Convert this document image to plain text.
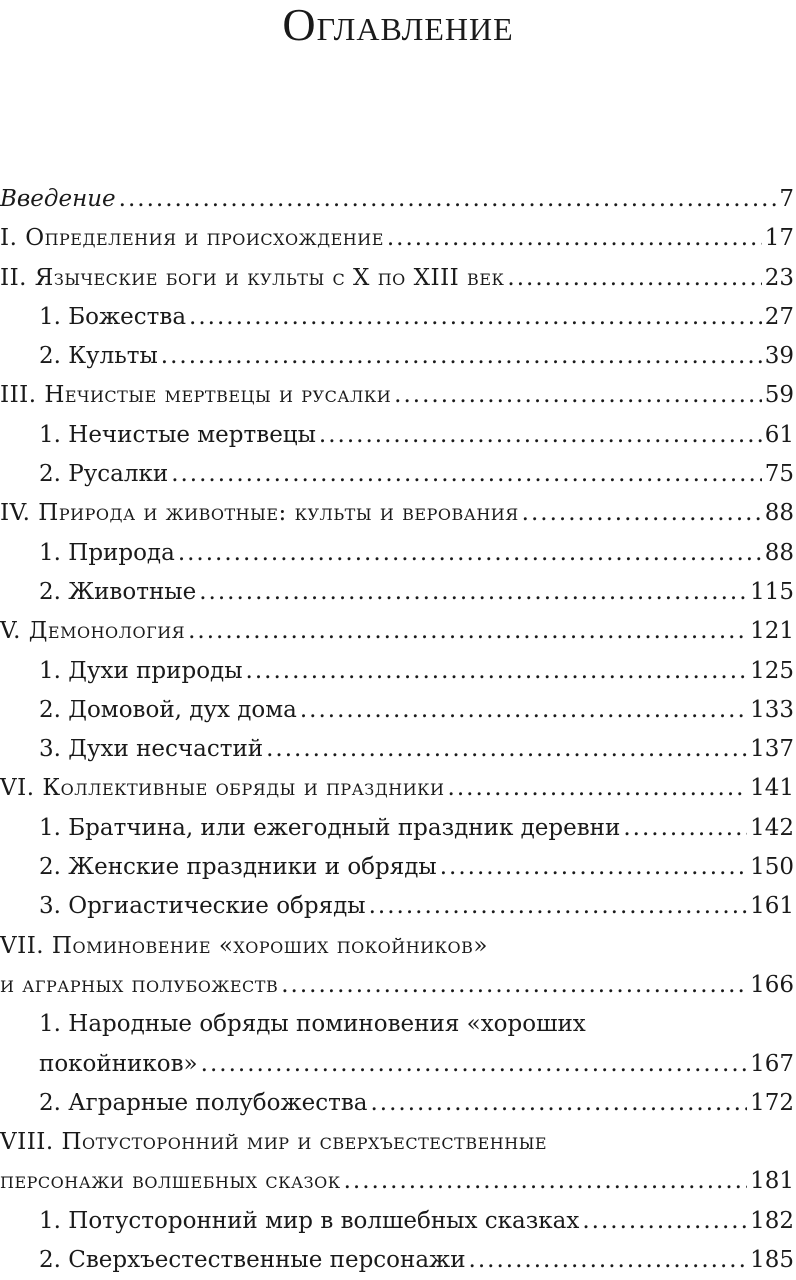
Оглавление
Введение .....	7
I. Определения и происхождение .....	17
II. Языческие боги и культы с X по XIII век .....	23
1. Божества .....	27
2. Культы .....	39
III. Нечистые мертвецы и русалки .....	59
1. Нечистые мертвецы .....	61
2. Русалки .....	75
IV. Природа и животные: культы и верования .....	88
1. Природа .....	88
2. Животные .....	115
V. Демонология .....	121
1. Духи природы .....	125
2. Домовой, дух дома .....	133
3. Духи несчастий .....	137
VI. Коллективные обряды и праздники .....	141
1. Братчина, или ежегодный праздник деревни .....	142
2. Женские праздники и обряды .....	150
3. Оргиастические обряды .....	161
VII. Поминовение «хороших покойников»
и аграрных полубожеств .....	166
1. Народные обряды поминовения «хороших
покойников» .....	167
2. Аграрные полубожества .....	172
VIII. Потусторонний мир и сверхъестественные
персонажи волшебных сказок .....	181
1. Потусторонний мир в волшебных сказках .....	182
2. Сверхъестественные персонажи .....	185
